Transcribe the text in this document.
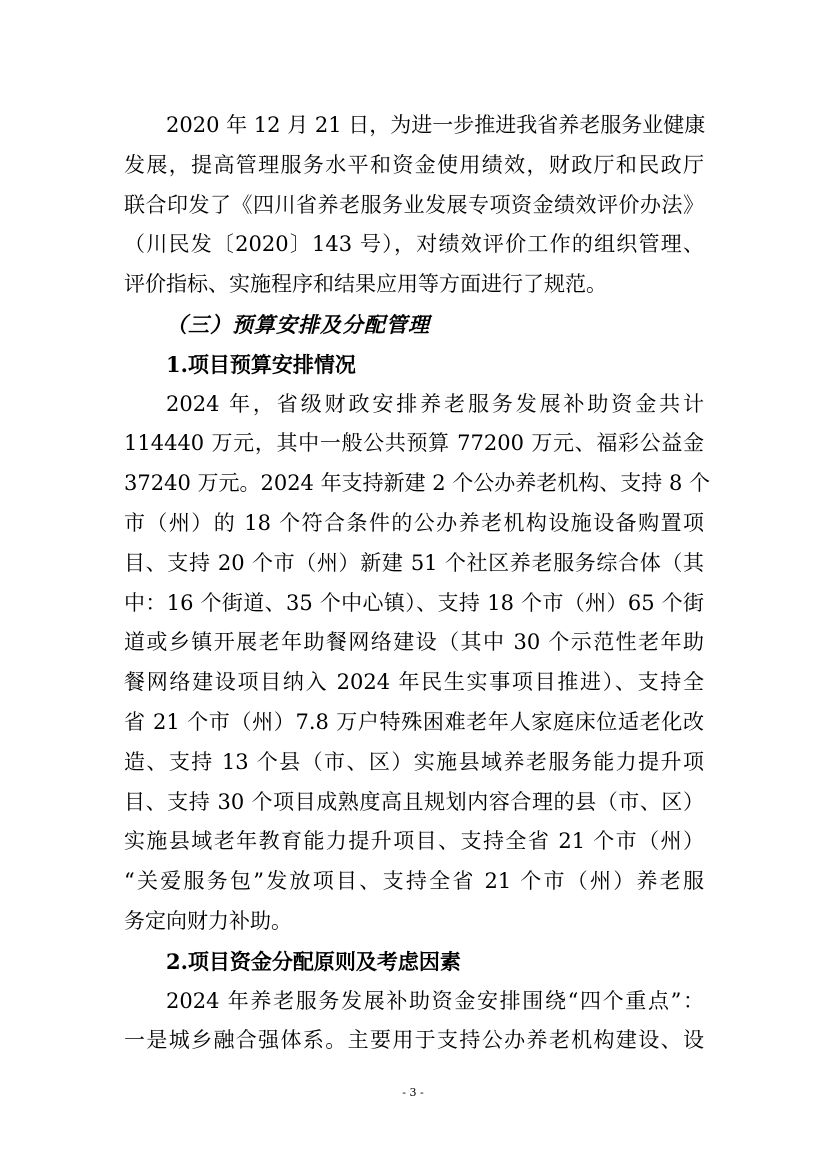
2020 年 12 月 21 日，为进一步推进我省养老服务业健康
发展，提高管理服务水平和资金使用绩效，财政厅和民政厅
联合印发了《四川省养老服务业发展专项资金绩效评价办法》
（川民发〔2020〕143 号），对绩效评价工作的组织管理、
评价指标、实施程序和结果应用等方面进行了规范。
（三）预算安排及分配管理
1.项目预算安排情况
2024 年，省级财政安排养老服务发展补助资金共计
114440 万元，其中一般公共预算 77200 万元、福彩公益金
37240 万元。2024 年支持新建 2 个公办养老机构、支持 8 个
市（州）的 18 个符合条件的公办养老机构设施设备购置项
目、支持 20 个市（州）新建 51 个社区养老服务综合体（其
中：16 个街道、35 个中心镇）、支持 18 个市（州）65 个街
道或乡镇开展老年助餐网络建设（其中 30 个示范性老年助
餐网络建设项目纳入 2024 年民生实事项目推进）、支持全
省 21 个市（州）7.8 万户特殊困难老年人家庭床位适老化改
造、支持 13 个县（市、区）实施县域养老服务能力提升项
目、支持 30 个项目成熟度高且规划内容合理的县（市、区）
实施县域老年教育能力提升项目、支持全省 21 个市（州）
“关爱服务包”发放项目、支持全省 21 个市（州）养老服
务定向财力补助。
2.项目资金分配原则及考虑因素
2024 年养老服务发展补助资金安排围绕“四个重点”：
一是城乡融合强体系。主要用于支持公办养老机构建设、设
- 3 -
